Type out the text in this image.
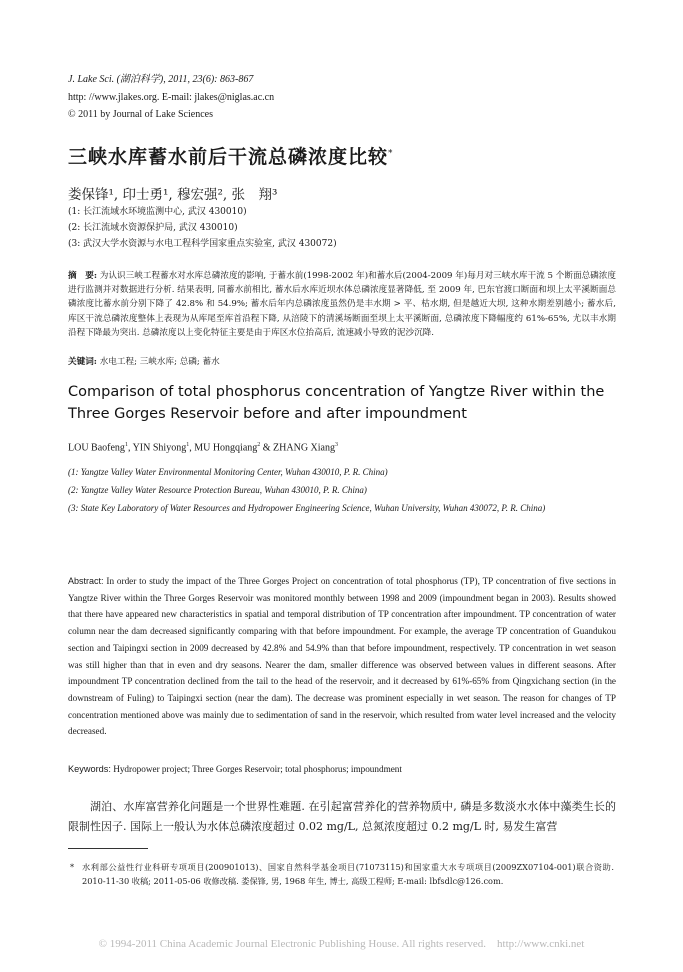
J. Lake Sci. (湖泊科学), 2011, 23(6): 863-867
http: //www.jlakes.org. E-mail: jlakes@niglas.ac.cn
© 2011 by Journal of Lake Sciences
三峡水库蓄水前后干流总磷浓度比较*
娄保锋¹, 印士勇¹, 穆宏强², 张　翔³
(1: 长江流域水环境监测中心, 武汉 430010)
(2: 长江流域水资源保护局, 武汉 430010)
(3: 武汉大学水资源与水电工程科学国家重点实验室, 武汉 430072)
摘　要: 为认识三峡工程蓄水对水库总磷浓度的影响, 于蓄水前(1998-2002 年)和蓄水后(2004-2009 年)每月对三峡水库干流 5 个断面总磷浓度进行监测并对数据进行分析. 结果表明, 同蓄水前相比, 蓄水后水库近坝水体总磷浓度显著降低, 至 2009 年, 巴东官渡口断面和坝上太平溪断面总磷浓度比蓄水前分别下降了 42.8% 和 54.9%; 蓄水后年内总磷浓度虽然仍是丰水期 > 平、枯水期, 但是越近大坝, 这种水期差别越小; 蓄水后, 库区干流总磷浓度整体上表现为从库尾至库首沿程下降, 从涪陵下的清溪场断面至坝上太平溪断面, 总磷浓度下降幅度约 61%-65%, 尤以丰水期沿程下降最为突出. 总磷浓度以上变化特征主要是由于库区水位抬高后, 流速减小导致的泥沙沉降.
关键词: 水电工程; 三峡水库; 总磷; 蓄水
Comparison of total phosphorus concentration of Yangtze River within the Three Gorges Reservoir before and after impoundment
LOU Baofeng$^1$, YIN Shiyong$^1$, MU Hongqiang$^2$ & ZHANG Xiang$^3$
(1: Yangtze Valley Water Environmental Monitoring Center, Wuhan 430010, P. R. China)
(2: Yangtze Valley Water Resource Protection Bureau, Wuhan 430010, P. R. China)
(3: State Key Laboratory of Water Resources and Hydropower Engineering Science, Wuhan University, Wuhan 430072, P. R. China)
Abstract: In order to study the impact of the Three Gorges Project on concentration of total phosphorus (TP), TP concentration of five sections in Yangtze River within the Three Gorges Reservoir was monitored monthly between 1998 and 2009 (impoundment began in 2003). Results showed that there have appeared new characteristics in spatial and temporal distribution of TP concentration after impoundment. TP concentration of water column near the dam decreased significantly comparing with that before impoundment. For example, the average TP concentration of Guandukou section and Taipingxi section in 2009 decreased by 42.8% and 54.9% than that before impoundment, respectively. TP concentration in wet season was still higher than that in even and dry seasons. Nearer the dam, smaller difference was observed between values in different seasons. After impoundment TP concentration declined from the tail to the head of the reservoir, and it decreased by 61%-65% from Qingxichang section (in the downstream of Fuling) to Taipingxi section (near the dam). The decrease was prominent especially in wet season. The reason for changes of TP concentration mentioned above was mainly due to sedimentation of sand in the reservoir, which resulted from water level increased and the velocity decreased.
Keywords: Hydropower project; Three Gorges Reservoir; total phosphorus; impoundment
湖泊、水库富营养化问题是一个世界性难题. 在引起富营养化的营养物质中, 磷是多数淡水水体中藻类生长的限制性因子. 国际上一般认为水体总磷浓度超过 0.02 mg/L, 总氮浓度超过 0.2 mg/L 时, 易发生富营
* 水利部公益性行业科研专项项目(200901013)、国家自然科学基金项目(71073115)和国家重大水专项项目(2009ZX07104-001)联合资助. 2010-11-30 收稿; 2011-05-06 收修改稿. 娄保锋, 男, 1968 年生, 博士, 高级工程师; E-mail: lbfsdlc@126.com.
© 1994-2011 China Academic Journal Electronic Publishing House. All rights reserved.　http://www.cnki.net
